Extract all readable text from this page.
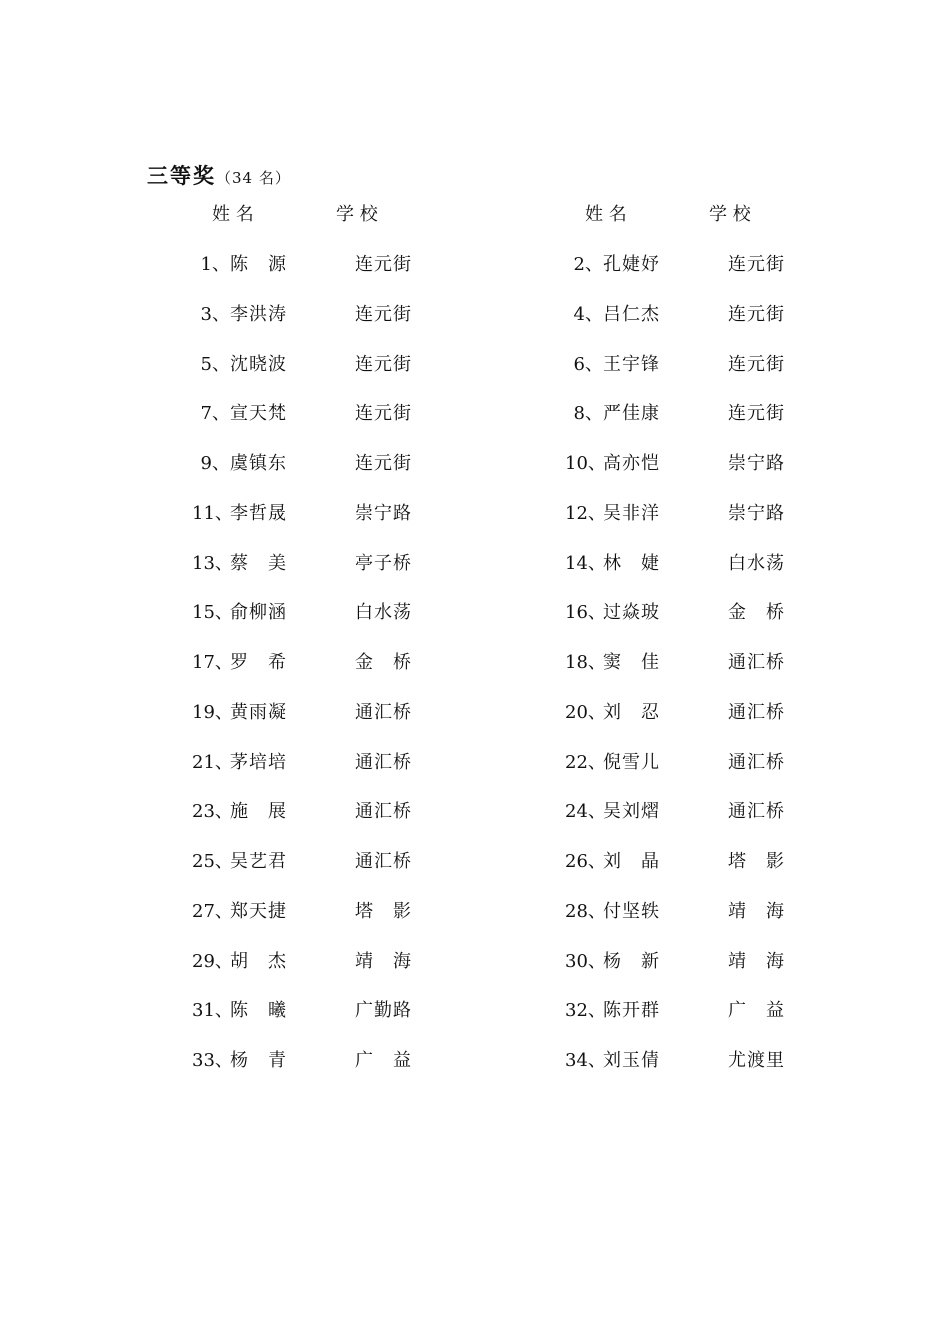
三等奖（34 名）
姓 名	学 校	姓 名	学 校
1、陈 源	连元街	2、孔婕妤	连元街
3、李洪涛	连元街	4、吕仁杰	连元街
5、沈晓波	连元街	6、王宇锋	连元街
7、宣天梵	连元街	8、严佳康	连元街
9、虞镇东	连元街	10、高亦恺	崇宁路
11、李哲晟	崇宁路	12、吴非洋	崇宁路
13、蔡 美	亭子桥	14、林 婕	白水荡
15、俞柳涵	白水荡	16、过焱玻	金 桥
17、罗 希	金 桥	18、窦 佳	通汇桥
19、黄雨凝	通汇桥	20、刘 忍	通汇桥
21、茅培培	通汇桥	22、倪雪儿	通汇桥
23、施 展	通汇桥	24、吴刘熠	通汇桥
25、吴艺君	通汇桥	26、刘 晶	塔 影
27、郑天捷	塔 影	28、付坚轶	靖 海
29、胡 杰	靖 海	30、杨 新	靖 海
31、陈 曦	广勤路	32、陈开群	广 益
33、杨 青	广 益	34、刘玉倩	尤渡里
